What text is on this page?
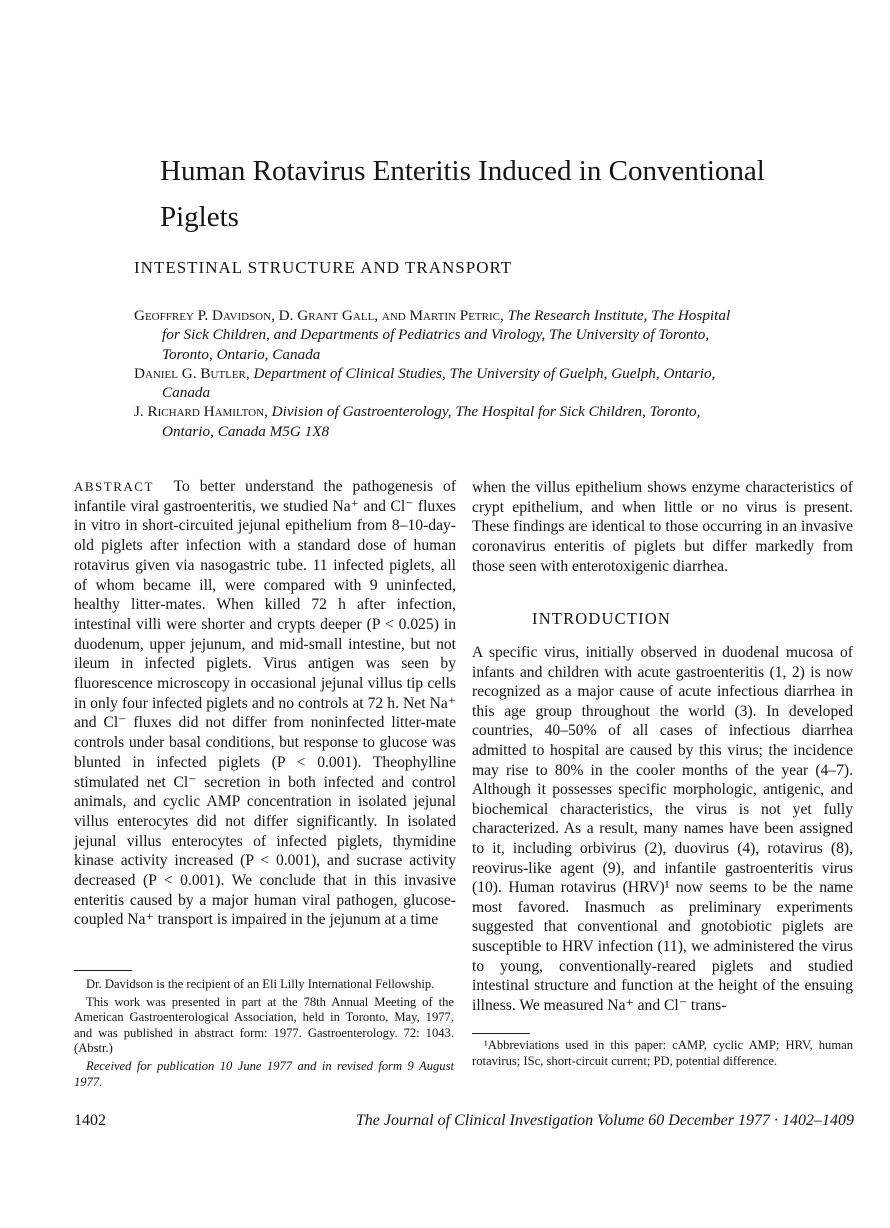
Human Rotavirus Enteritis Induced in Conventional Piglets
INTESTINAL STRUCTURE AND TRANSPORT

Geoffrey P. Davidson, D. Grant Gall, and Martin Petric, The Research Institute, The Hospital for Sick Children, and Departments of Pediatrics and Virology, The University of Toronto, Toronto, Ontario, Canada

Daniel G. Butler, Department of Clinical Studies, The University of Guelph, Guelph, Ontario, Canada

J. Richard Hamilton, Division of Gastroenterology, The Hospital for Sick Children, Toronto, Ontario, Canada M5G 1X8

ABSTRACT To better understand the pathogenesis of infantile viral gastroenteritis, we studied Na⁺ and Cl⁻ fluxes in vitro in short-circuited jejunal epithelium from 8–10-day-old piglets after infection with a standard dose of human rotavirus given via nasogastric tube. 11 infected piglets, all of whom became ill, were compared with 9 uninfected, healthy litter-mates. When killed 72 h after infection, intestinal villi were shorter and crypts deeper (P < 0.025) in duodenum, upper jejunum, and mid-small intestine, but not ileum in infected piglets. Virus antigen was seen by fluorescence microscopy in occasional jejunal villus tip cells in only four infected piglets and no controls at 72 h. Net Na⁺ and Cl⁻ fluxes did not differ from noninfected litter-mate controls under basal conditions, but response to glucose was blunted in infected piglets (P < 0.001). Theophylline stimulated net Cl⁻ secretion in both infected and control animals, and cyclic AMP concentration in isolated jejunal villus enterocytes did not differ significantly. In isolated jejunal villus enterocytes of infected piglets, thymidine kinase activity increased (P < 0.001), and sucrase activity decreased (P < 0.001). We conclude that in this invasive enteritis caused by a major human viral pathogen, glucose-coupled Na⁺ transport is impaired in the jejunum at a time

when the villus epithelium shows enzyme characteristics of crypt epithelium, and when little or no virus is present. These findings are identical to those occurring in an invasive coronavirus enteritis of piglets but differ markedly from those seen with enterotoxigenic diarrhea.

INTRODUCTION

A specific virus, initially observed in duodenal mucosa of infants and children with acute gastroenteritis (1, 2) is now recognized as a major cause of acute infectious diarrhea in this age group throughout the world (3). In developed countries, 40–50% of all cases of infectious diarrhea admitted to hospital are caused by this virus; the incidence may rise to 80% in the cooler months of the year (4–7). Although it possesses specific morphologic, antigenic, and biochemical characteristics, the virus is not yet fully characterized. As a result, many names have been assigned to it, including orbivirus (2), duovirus (4), rotavirus (8), reovirus-like agent (9), and infantile gastroenteritis virus (10). Human rotavirus (HRV)¹ now seems to be the name most favored. Inasmuch as preliminary experiments suggested that conventional and gnotobiotic piglets are susceptible to HRV infection (11), we administered the virus to young, conventionally-reared piglets and studied intestinal structure and function at the height of the ensuing illness. We measured Na⁺ and Cl⁻ trans-

Dr. Davidson is the recipient of an Eli Lilly International Fellowship.

This work was presented in part at the 78th Annual Meeting of the American Gastroenterological Association, held in Toronto, May, 1977, and was published in abstract form: 1977. Gastroenterology. 72: 1043. (Abstr.)

Received for publication 10 June 1977 and in revised form 9 August 1977.

¹Abbreviations used in this paper: cAMP, cyclic AMP; HRV, human rotavirus; ISc, short-circuit current; PD, potential difference.

1402	The Journal of Clinical Investigation Volume 60 December 1977 · 1402–1409
